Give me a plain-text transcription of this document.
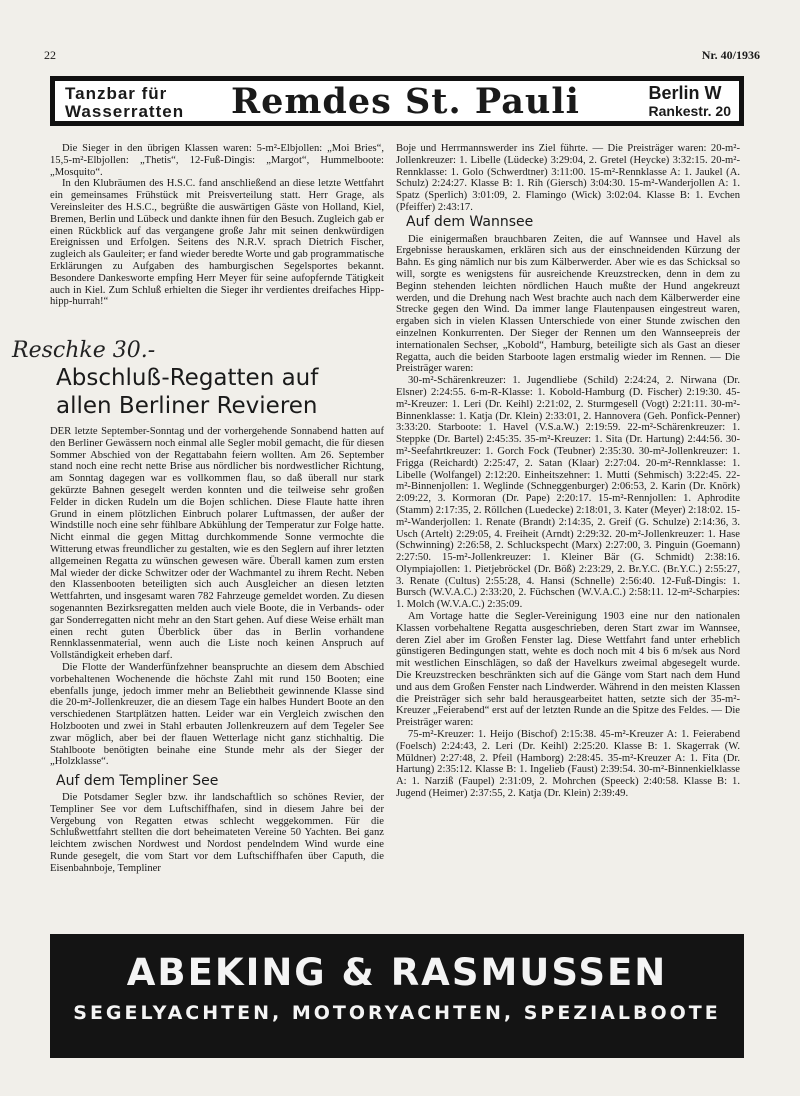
22	Nr. 40/1936
Tanzbar für
Wasserratten Remdes St. Pauli	Berlin W
Rankestr. 20

Die Sieger in den übrigen Klassen waren: 5-m²-Elbjollen: „Moi Bries“, 15,5-m²-Elbjollen: „Thetis“, 12-Fuß-Dingis: „Margot“, Hummelboote: „Mosquito“.

In den Klubräumen des H.S.C. fand anschließend an diese letzte Wettfahrt ein gemeinsames Frühstück mit Preisverteilung statt. Herr Grage, als Vereinsleiter des H.S.C., begrüßte die auswärtigen Gäste von Holland, Kiel, Bremen, Berlin und Lübeck und dankte ihnen für den Besuch. Zugleich gab er einen Rückblick auf das vergangene große Jahr mit seinen denkwürdigen Ereignissen und Erfolgen. Seitens des N.R.V. sprach Dietrich Fischer, zugleich als Gauleiter; er fand wieder beredte Worte und gab programmatische Erklärungen zu Aufgaben des hamburgischen Segelsportes bekannt. Besondere Dankesworte empfing Herr Meyer für seine aufopfernde Tätigkeit auch in Kiel. Zum Schluß erhielten die Sieger ihr verdientes dreifaches Hipp-hipp-hurrah!“

Reschke 30.-
Abschluß-Regatten auf allen Berliner Revieren

DER letzte September-Sonntag und der vorhergehende Sonnabend hatten auf den Berliner Gewässern noch einmal alle Segler mobil gemacht, die für diesen Sommer Abschied von der Regattabahn feiern wollten. Am 26. September stand noch eine recht nette Brise aus nördlicher bis nordwestlicher Richtung, am Sonntag dagegen war es vollkommen flau, so daß überall nur stark gekürzte Bahnen gesegelt werden konnten und die teilweise sehr großen Felder in dicken Rudeln um die Bojen schlichen. Diese Flaute hatte ihren Grund in einem plötzlichen Einbruch polarer Luftmassen, der außer der Windstille noch eine sehr fühlbare Abkühlung der Temperatur zur Folge hatte. Nicht einmal die gegen Mittag durchkommende Sonne vermochte die Witterung etwas freundlicher zu gestalten, wie es den Seglern auf ihrer letzten allgemeinen Regatta zu wünschen gewesen wäre. Überall kamen zum ersten Mal wieder der dicke Schwitzer oder der Wachmantel zu ihrem Recht. Neben den Klassenbooten beteiligten sich auch Ausgleicher an diesen letzten Wettfahrten, und insgesamt waren 782 Fahrzeuge gemeldet worden. Zu diesen sogenannten Bezirksregatten melden auch viele Boote, die in Verbands- oder gar Sonderregatten nicht mehr an den Start gehen. Auf diese Weise erhält man einen recht guten Überblick über das in Berlin vorhandene Rennklassenmaterial, wenn auch die Liste noch keinen Anspruch auf Vollständigkeit erheben darf.

Die Flotte der Wanderfünfzehner beanspruchte an diesem dem Abschied vorbehaltenen Wochenende die höchste Zahl mit rund 150 Booten; eine ebenfalls junge, jedoch immer mehr an Beliebtheit gewinnende Klasse sind die 20-m²-Jollenkreuzer, die an diesem Tage ein halbes Hundert Boote an den verschiedenen Startplätzen hatten. Leider war ein Vergleich zwischen den Holzbooten und zwei in Stahl erbauten Jollenkreuzern auf dem Tegeler See zwar möglich, aber bei der flauen Wetterlage nicht ganz stichhaltig. Die Stahlboote benötigten beinahe eine Stunde mehr als der Sieger der „Holzklasse“.

Auf dem Templiner See

Die Potsdamer Segler bzw. ihr landschaftlich so schönes Revier, der Templiner See vor dem Luftschiffhafen, sind in diesem Jahre bei der Vergebung von Regatten etwas schlecht weggekommen. Für die Schlußwettfahrt stellten die dort beheimateten Vereine 50 Yachten. Bei ganz leichtem zwischen Nordwest und Nordost pendelndem Wind wurde eine Runde gesegelt, die vom Start vor dem Luftschiffhafen über Caputh, die Eisenbahnboje, Templiner

Boje und Herrmannswerder ins Ziel führte. — Die Preisträger waren: 20-m²-Jollenkreuzer: 1. Libelle (Lüdecke) 3:29:04, 2. Gretel (Heycke) 3:32:15. 20-m²-Rennklasse: 1. Golo (Schwerdtner) 3:11:00. 15-m²-Rennklasse A: 1. Jaukel (A. Schulz) 2:24:27. Klasse B: 1. Rih (Giersch) 3:04:30. 15-m²-Wanderjollen A: 1. Spatz (Sperlich) 3:01:09, 2. Flamingo (Wick) 3:02:04. Klasse B: 1. Evchen (Pfeiffer) 2:43:17.

Auf dem Wannsee

Die einigermaßen brauchbaren Zeiten, die auf Wannsee und Havel als Ergebnisse herauskamen, erklären sich aus der einschneidenden Kürzung der Bahn. Es ging nämlich nur bis zum Kälberwerder. Aber wie es das Schicksal so will, sorgte es wenigstens für ausreichende Kreuzstrecken, denn in dem zu Beginn stehenden leichten nördlichen Hauch mußte der Hund angekreuzt werden, und die Drehung nach West brachte auch nach dem Kälberwerder eine Strecke gegen den Wind. Da immer lange Flautenpausen eingestreut waren, ergaben sich in vielen Klassen Unterschiede von einer Stunde zwischen den einzelnen Konkurrenten. Der Sieger der Rennen um den Wannseepreis der internationalen Sechser, „Kobold“, Hamburg, beteiligte sich als Gast an dieser Regatta, auch die beiden Starboote lagen erstmalig wieder im Rennen. — Die Preisträger waren:

30-m²-Schärenkreuzer: 1. Jugendliebe (Schild) 2:24:24, 2. Nirwana (Dr. Elsner) 2:24:55. 6-m-R-Klasse: 1. Kobold-Hamburg (D. Fischer) 2:19:30. 45-m²-Kreuzer: 1. Leri (Dr. Keihl) 2:21:02, 2. Sturmgesell (Vogt) 2:21:11. 30-m²-Binnenklasse: 1. Katja (Dr. Klein) 2:33:01, 2. Hannovera (Geh. Ponfick-Penner) 3:33:20. Starboote: 1. Havel (V.S.a.W.) 2:19:59. 22-m²-Schärenkreuzer: 1. Steppke (Dr. Bartel) 2:45:35. 35-m²-Kreuzer: 1. Sita (Dr. Hartung) 2:44:56. 30-m²-Seefahrtkreuzer: 1. Gorch Fock (Teubner) 2:35:30. 30-m²-Jollenkreuzer: 1. Frigga (Reichardt) 2:25:47, 2. Satan (Klaar) 2:27:04. 20-m²-Rennklasse: 1. Libelle (Wolfangel) 2:12:20. Einheitszehner: 1. Mutti (Sehmisch) 3:22:45. 22-m²-Binnenjollen: 1. Weglinde (Schneggenburger) 2:06:53, 2. Karin (Dr. Knörk) 2:09:22, 3. Kormoran (Dr. Pape) 2:20:17. 15-m²-Rennjollen: 1. Aphrodite (Stamm) 2:17:35, 2. Röllchen (Luedecke) 2:18:01, 3. Kater (Meyer) 2:18:02. 15-m²-Wanderjollen: 1. Renate (Brandt) 2:14:35, 2. Greif (G. Schulze) 2:14:36, 3. Usch (Artelt) 2:29:05, 4. Freiheit (Arndt) 2:29:32. 20-m²-Jollenkreuzer: 1. Hase (Schwinning) 2:26:58, 2. Schluckspecht (Marx) 2:27:00, 3. Pinguin (Goemann) 2:27:50. 15-m²-Jollenkreuzer: 1. Kleiner Bär (G. Schmidt) 2:38:16. Olympiajollen: 1. Pietjebröckel (Dr. Böß) 2:23:29, 2. Br.Y.C. (Br.Y.C.) 2:55:27, 3. Renate (Cultus) 2:55:28, 4. Hansi (Schnelle) 2:56:40. 12-Fuß-Dingis: 1. Bursch (W.V.A.C.) 2:33:20, 2. Füchschen (W.V.A.C.) 2:58:11. 12-m²-Scharpies: 1. Molch (W.V.A.C.) 2:35:09.

Am Vortage hatte die Segler-Vereinigung 1903 eine nur den nationalen Klassen vorbehaltene Regatta ausgeschrieben, deren Start zwar im Wannsee, deren Ziel aber im Großen Fenster lag. Diese Wettfahrt fand unter erheblich günstigeren Bedingungen statt, wehte es doch noch mit 4 bis 6 m/sek aus Nord mit westlichen Einschlägen, so daß der Havelkurs zweimal abgesegelt wurde. Die Kreuzstrecken beschränkten sich auf die Gänge vom Start nach dem Hund und aus dem Großen Fenster nach Lindwerder. Während in den meisten Klassen die Preisträger sich sehr bald herausgearbeitet hatten, setzte sich der 35-m²-Kreuzer „Feierabend“ erst auf der letzten Runde an die Spitze des Feldes. — Die Preisträger waren:

75-m²-Kreuzer: 1. Heijo (Bischof) 2:15:38. 45-m²-Kreuzer A: 1. Feierabend (Foelsch) 2:24:43, 2. Leri (Dr. Keihl) 2:25:20. Klasse B: 1. Skagerrak (W. Müldner) 2:27:48, 2. Pfeil (Hamborg) 2:28:45. 35-m²-Kreuzer A: 1. Fita (Dr. Hartung) 2:35:12. Klasse B: 1. Ingelieb (Faust) 2:39:54. 30-m²-Binnenkielklasse A: 1. Narziß (Faupel) 2:31:09, 2. Mohrchen (Speeck) 2:40:58. Klasse B: 1. Jugend (Heimer) 2:37:55, 2. Katja (Dr. Klein) 2:39:49.

ABEKING & RASMUSSEN
SEGELYACHTEN, MOTORYACHTEN, SPEZIALBOOTE
